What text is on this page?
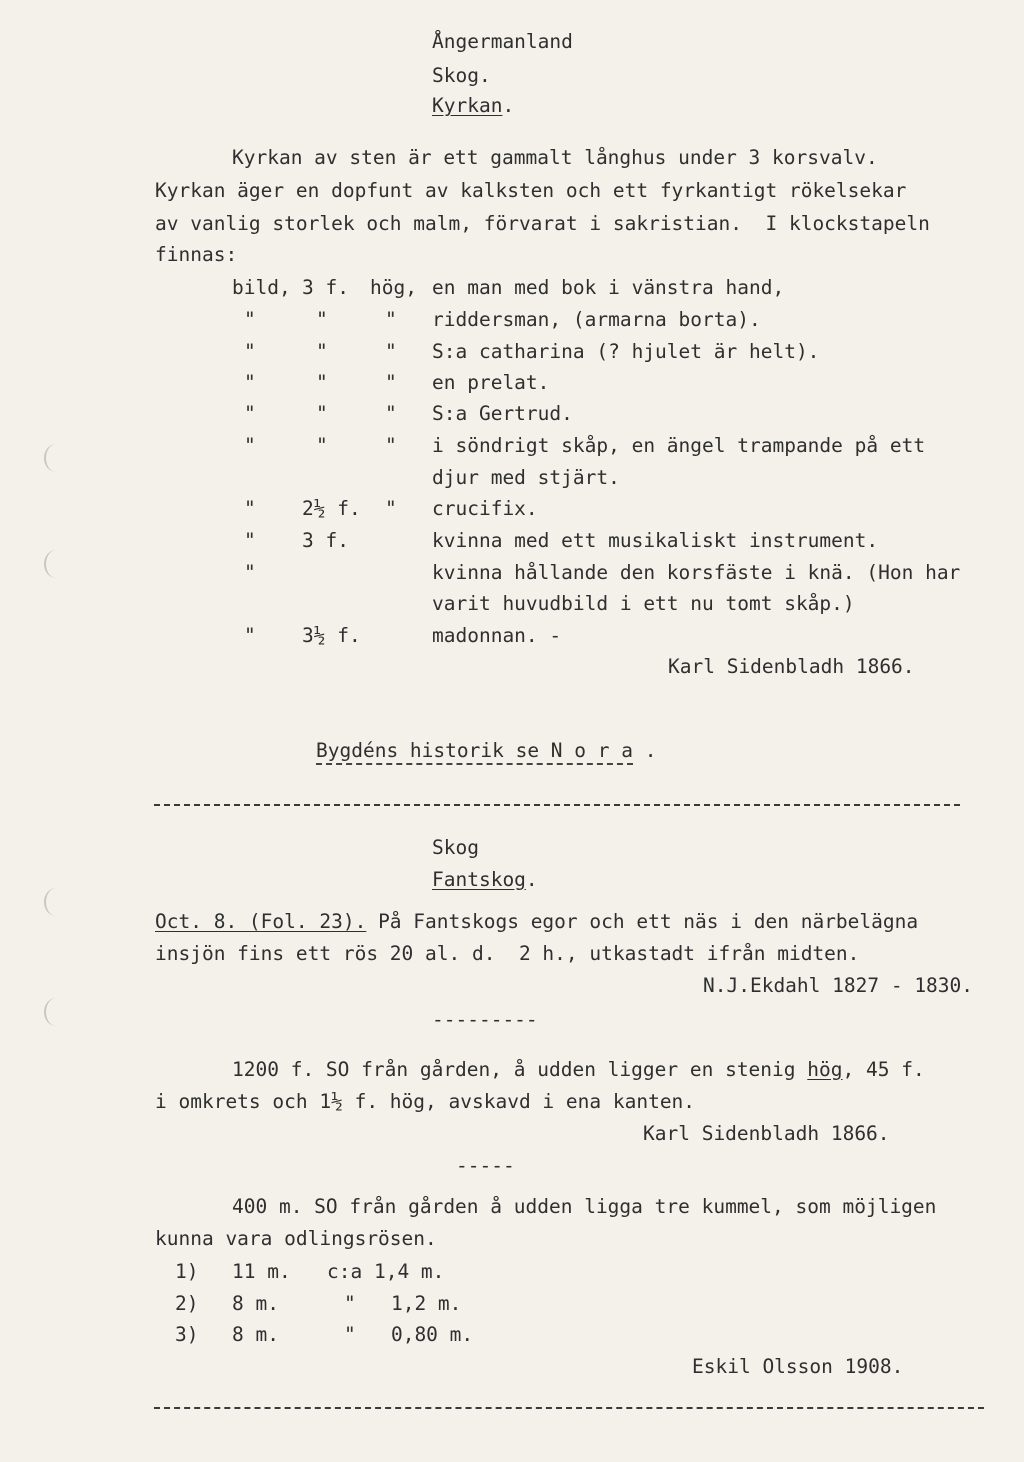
Ångermanland
Skog.
Kyrkan.
Kyrkan av sten är ett gammalt långhus under 3 korsvalv.
Kyrkan äger en dopfunt av kalksten och ett fyrkantigt rökelsekar
av vanlig storlek och malm, förvarat i sakristian.  I klockstapeln
finnas:
bild, 3 f. hög, en man med bok i vänstra hand,
"	"	" riddersman, (armarna borta).
"	"	" S:a catharina (? hjulet är helt).
"	"	" en prelat.
"	"	" S:a Gertrud.
"	"	" i söndrigt skåp, en ängel trampande på ett
djur med stjärt.
" 2½ f. " crucifix.
" 3 f.	kvinna med ett musikaliskt instrument.
"	kvinna hållande den korsfäste i knä. (Hon har
varit huvudbild i ett nu tomt skåp.)
" 3½ f.	madonnan. -
Karl Sidenbladh 1866.
Bygdéns historik se N o r a .
Skog
Fantskog.
Oct. 8. (Fol. 23). På Fantskogs egor och ett näs i den närbelägna
insjön fins ett rös 20 al. d.  2 h., utkastadt ifrån midten.
N.J.Ekdahl 1827 - 1830.
---------
1200 f. SO från gården, å udden ligger en stenig hög, 45 f.
i omkrets och 1½ f. hög, avskavd i ena kanten.
Karl Sidenbladh 1866.
-----
400 m. SO från gården å udden ligga tre kummel, som möjligen
kunna vara odlingsrösen.
1) 11 m. c:a 1,4 m.
2) 8 m.	"   1,2 m.
3) 8 m.	"   0,80 m.
Eskil Olsson 1908.
